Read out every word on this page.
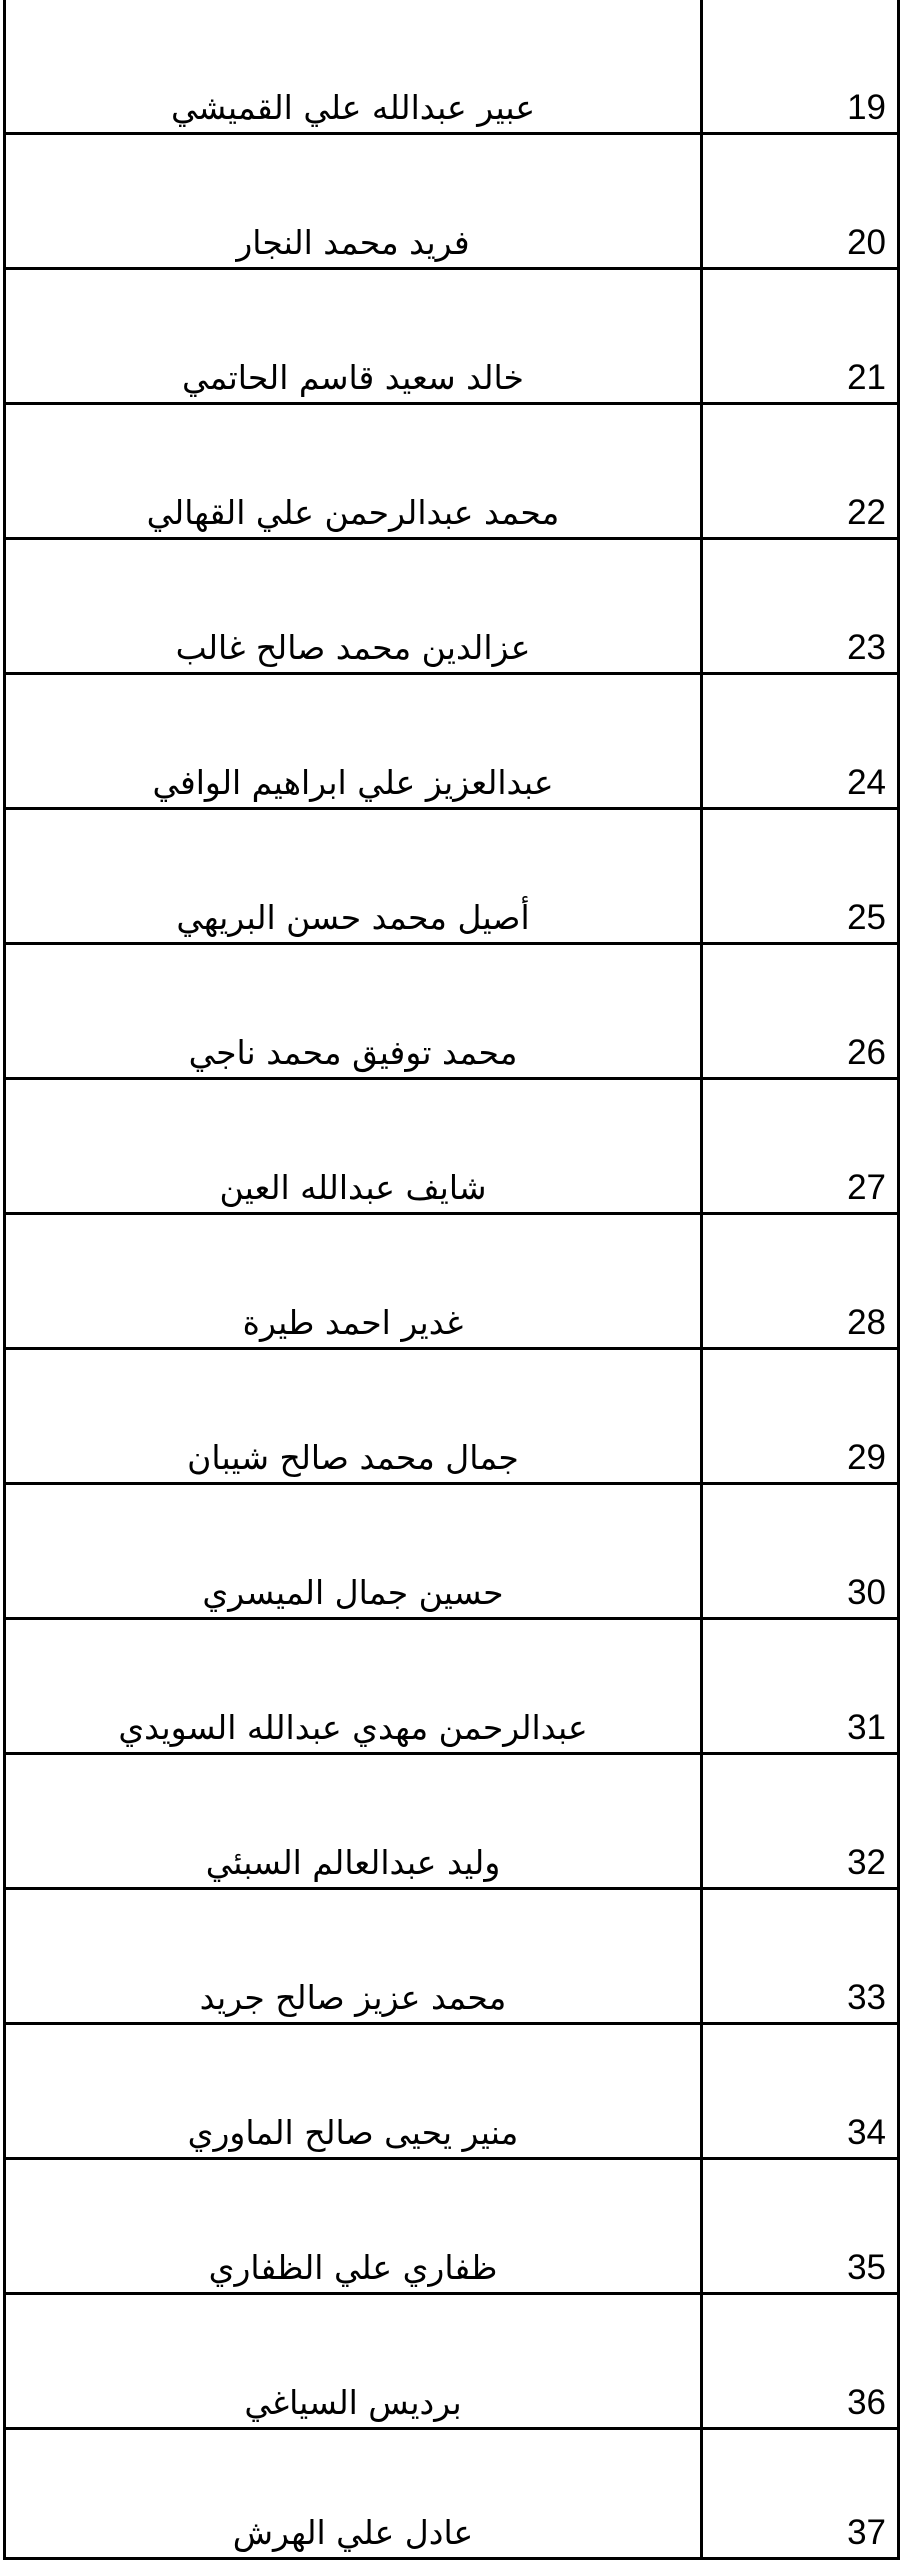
عبير عبدالله علي القميشي	19
فريد محمد النجار	20
خالد سعيد قاسم الحاتمي	21
محمد عبدالرحمن علي القهالي	22
عزالدين محمد صالح غالب	23
عبدالعزيز علي ابراهيم الوافي	24
أصيل محمد حسن البريهي	25
محمد توفيق محمد ناجي	26
شايف عبدالله العين	27
غدير احمد طيرة	28
جمال محمد صالح شيبان	29
حسين جمال الميسري	30
عبدالرحمن مهدي عبدالله السويدي	31
وليد عبدالعالم السبئي	32
محمد عزيز صالح جريد	33
منير يحيى صالح الماوري	34
ظفاري علي الظفاري	35
برديس السياغي	36
عادل علي الهرش	37
